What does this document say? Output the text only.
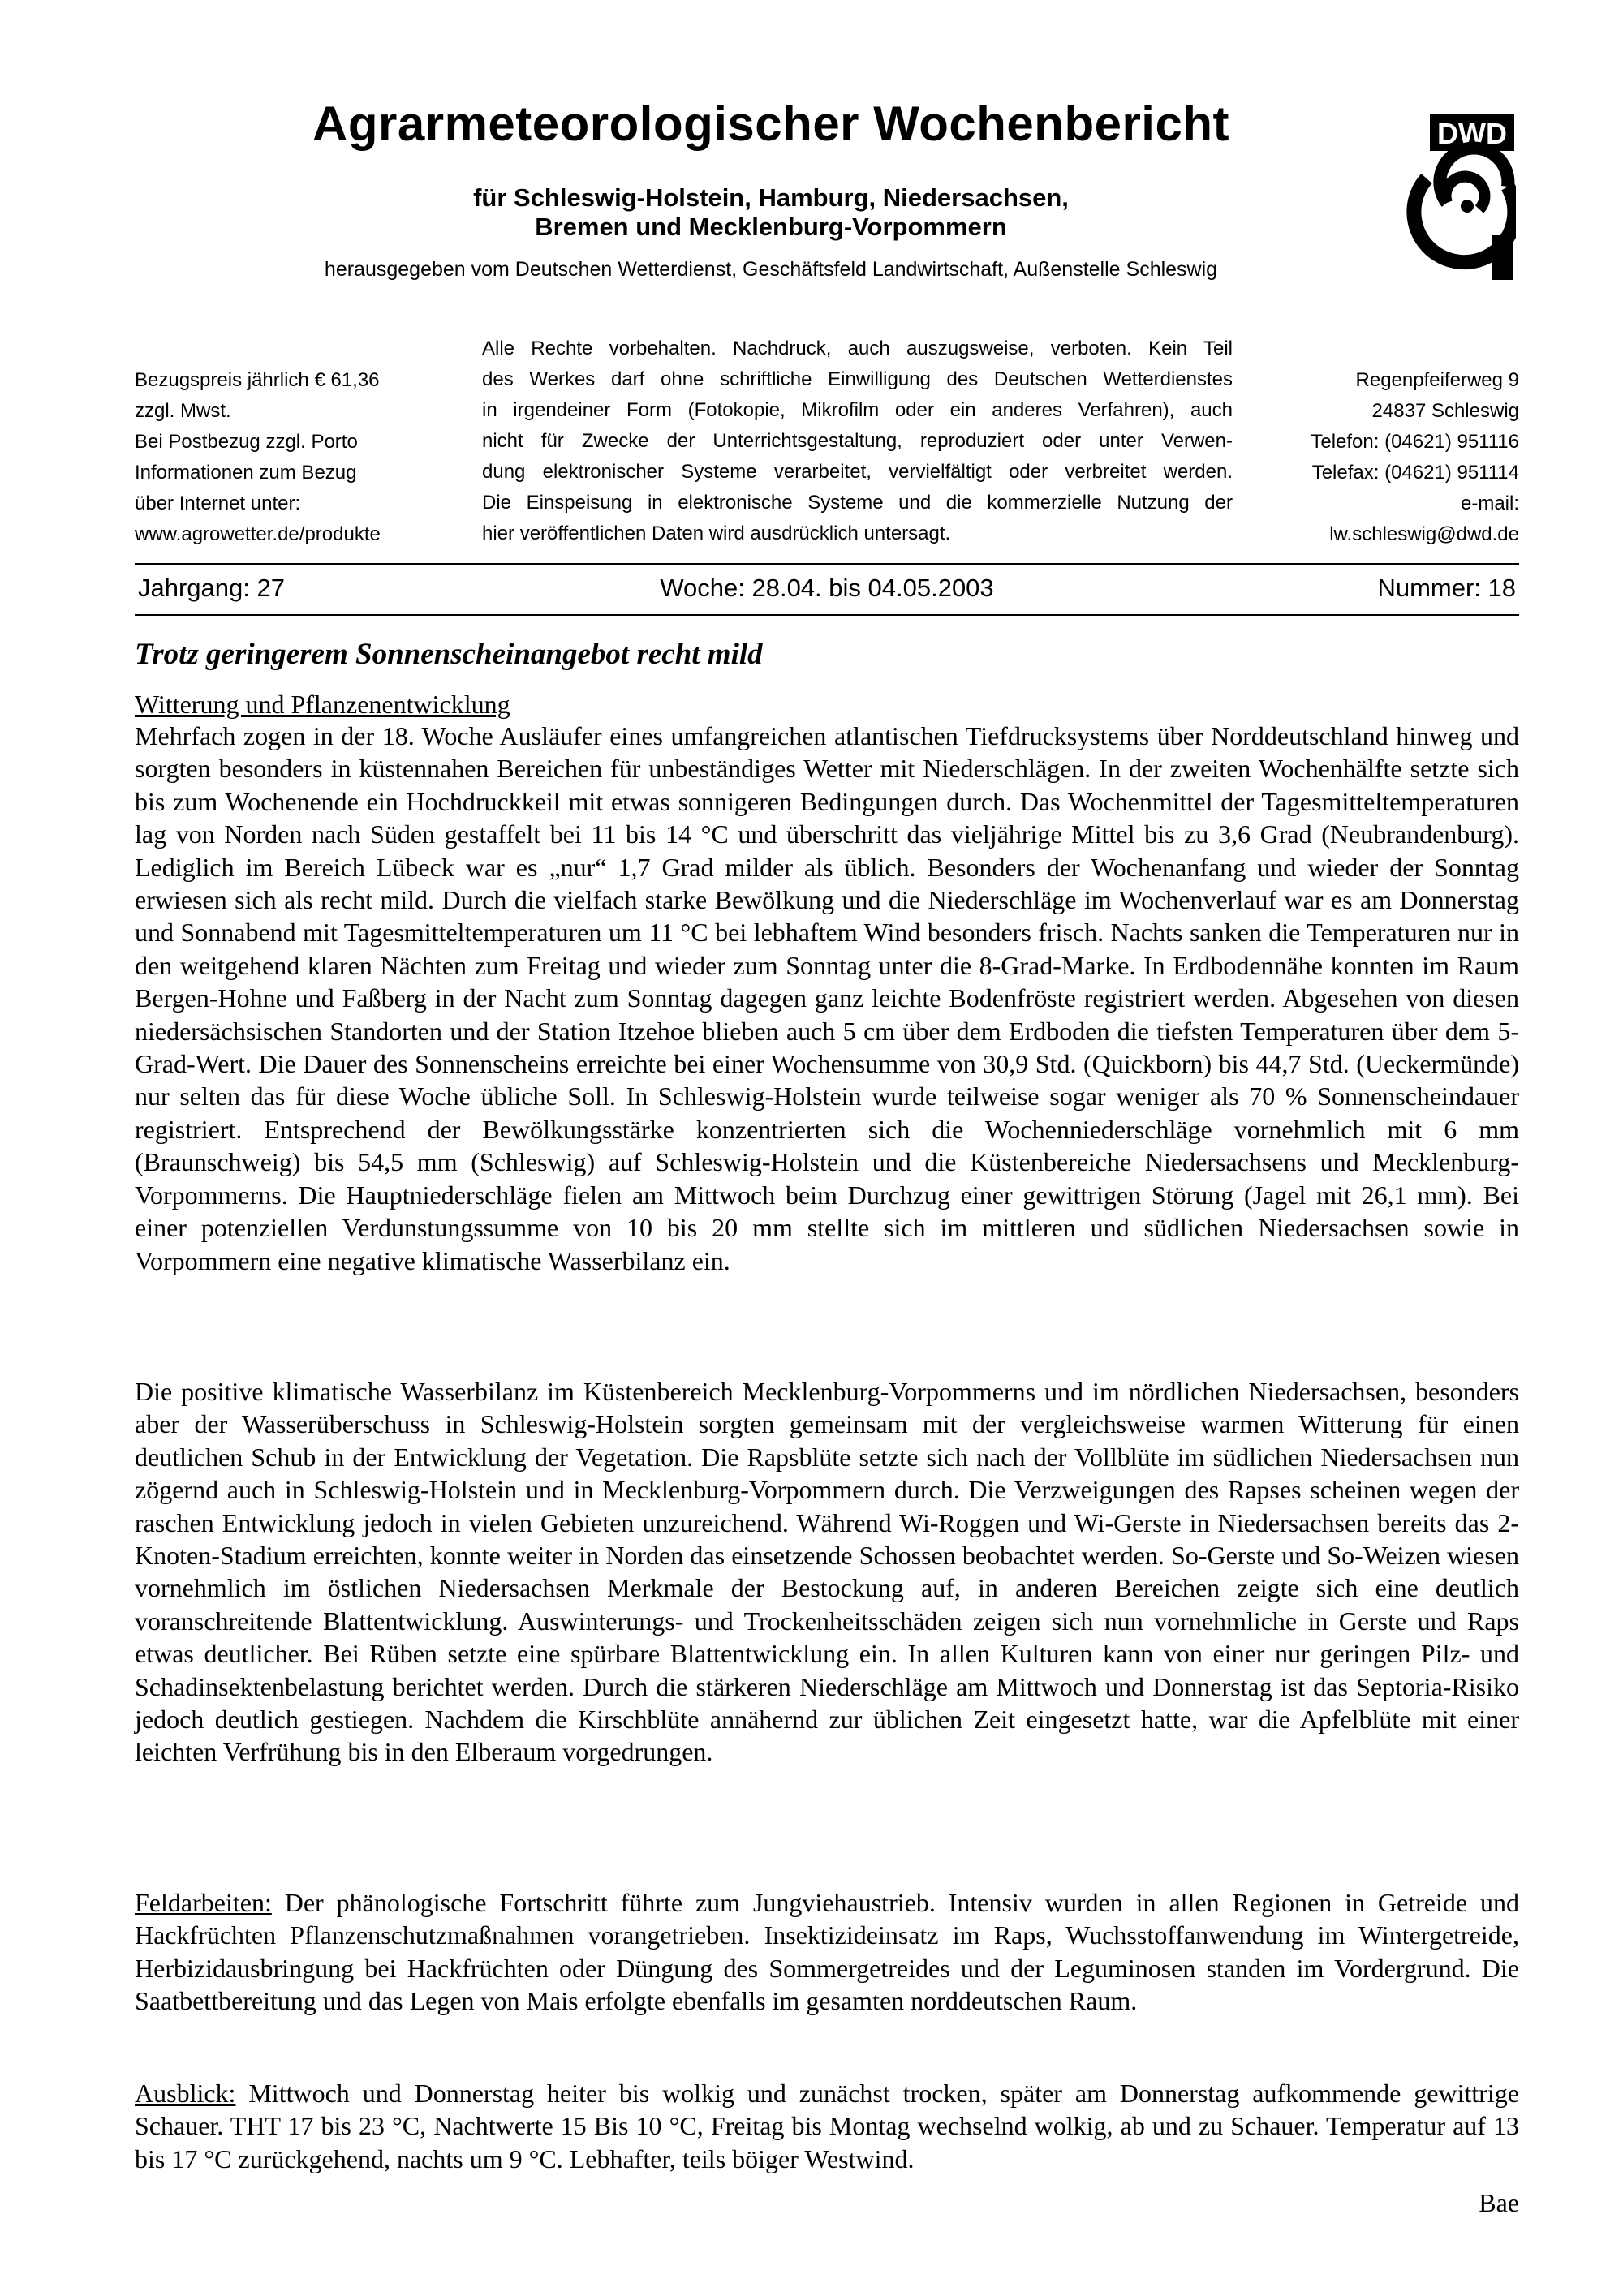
Agrarmeteorologischer Wochenbericht
für Schleswig-Holstein, Hamburg, Niedersachsen,
Bremen und Mecklenburg-Vorpommern
herausgegeben vom Deutschen Wetterdienst, Geschäftsfeld Landwirtschaft, Außenstelle Schleswig
DWD
Bezugspreis jährlich € 61,36
zzgl. Mwst.
Bei Postbezug zzgl. Porto
Informationen zum Bezug
über Internet unter:
www.agrowetter.de/produkte
Alle Rechte vorbehalten. Nachdruck, auch auszugsweise, verboten. Kein Teil
des Werkes darf ohne schriftliche Einwilligung des Deutschen Wetterdienstes
in irgendeiner Form (Fotokopie, Mikrofilm oder ein anderes Verfahren), auch
nicht für Zwecke der Unterrichtsgestaltung, reproduziert oder unter Verwen-
dung elektronischer Systeme verarbeitet, vervielfältigt oder verbreitet werden.
Die Einspeisung in elektronische Systeme und die kommerzielle Nutzung der
hier veröffentlichen Daten wird ausdrücklich untersagt.
Regenpfeiferweg 9
24837 Schleswig
Telefon: (04621) 951116
Telefax: (04621) 951114
e-mail:
lw.schleswig@dwd.de
Woche: 28.04. bis 04.05.2003
Jahrgang: 27	Nummer: 18
Trotz geringerem Sonnenscheinangebot recht mild
Witterung und Pflanzenentwicklung
Mehrfach zogen in der 18. Woche Ausläufer eines umfangreichen atlantischen Tiefdrucksystems über Norddeutschland hinweg und sorgten besonders in küstennahen Bereichen für unbeständiges Wetter mit Niederschlägen. In der zweiten Wochenhälfte setzte sich bis zum Wochenende ein Hochdruckkeil mit etwas sonnigeren Bedingungen durch. Das Wochenmittel der Tagesmitteltemperaturen lag von Norden nach Süden gestaffelt bei 11 bis 14 °C und überschritt das vieljährige Mittel bis zu 3,6 Grad (Neubrandenburg). Lediglich im Bereich Lübeck war es „nur“ 1,7 Grad milder als üblich. Besonders der Wochenanfang und wieder der Sonntag erwiesen sich als recht mild. Durch die vielfach starke Bewölkung und die Niederschläge im Wochenverlauf war es am Donnerstag und Sonnabend mit Tagesmitteltemperaturen um 11 °C bei lebhaftem Wind besonders frisch. Nachts sanken die Temperaturen nur in den weitgehend klaren Nächten zum Freitag und wieder zum Sonntag unter die 8-Grad-Marke. In Erdbodennähe konnten im Raum Bergen-Hohne und Faßberg in der Nacht zum Sonntag dagegen ganz leichte Bodenfröste registriert werden. Abgesehen von diesen niedersächsischen Standorten und der Station Itzehoe blieben auch 5 cm über dem Erdboden die tiefsten Temperaturen über dem 5-Grad-Wert. Die Dauer des Sonnenscheins erreichte bei einer Wochensumme von 30,9 Std. (Quickborn) bis 44,7 Std. (Ueckermünde) nur selten das für diese Woche übliche Soll. In Schleswig-Holstein wurde teilweise sogar weniger als 70 % Sonnenscheindauer registriert. Entsprechend der Bewölkungsstärke konzentrierten sich die Wochenniederschläge vornehmlich mit 6 mm (Braunschweig) bis 54,5 mm (Schleswig) auf Schleswig-Holstein und die Küstenbereiche Niedersachsens und Mecklenburg-Vorpommerns. Die Hauptniederschläge fielen am Mittwoch beim Durchzug einer gewittrigen Störung (Jagel mit 26,1 mm). Bei einer potenziellen Verdunstungssumme von 10 bis 20 mm stellte sich im mittleren und südlichen Niedersachsen sowie in Vorpommern eine negative klimatische Wasserbilanz ein.
Die positive klimatische Wasserbilanz im Küstenbereich Mecklenburg-Vorpommerns und im nördlichen Niedersachsen, besonders aber der Wasserüberschuss in Schleswig-Holstein sorgten gemeinsam mit der vergleichsweise warmen Witterung für einen deutlichen Schub in der Entwicklung der Vegetation. Die Rapsblüte setzte sich nach der Vollblüte im südlichen Niedersachsen nun zögernd auch in Schleswig-Holstein und in Mecklenburg-Vorpommern durch. Die Verzweigungen des Rapses scheinen wegen der raschen Entwicklung jedoch in vielen Gebieten unzureichend. Während Wi-Roggen und Wi-Gerste in Niedersachsen bereits das 2-Knoten-Stadium erreichten, konnte weiter in Norden das einsetzende Schossen beobachtet werden. So-Gerste und So-Weizen wiesen vornehmlich im östlichen Niedersachsen Merkmale der Bestockung auf, in anderen Bereichen zeigte sich eine deutlich voranschreitende Blattentwicklung. Auswinterungs- und Trockenheitsschäden zeigen sich nun vornehmliche in Gerste und Raps etwas deutlicher. Bei Rüben setzte eine spürbare Blattentwicklung ein. In allen Kulturen kann von einer nur geringen Pilz- und Schadinsektenbelastung berichtet werden. Durch die stärkeren Niederschläge am Mittwoch und Donnerstag ist das Septoria-Risiko jedoch deutlich gestiegen. Nachdem die Kirschblüte annähernd zur üblichen Zeit eingesetzt hatte, war die Apfelblüte mit einer leichten Verfrühung bis in den Elberaum vorgedrungen.
Feldarbeiten: Der phänologische Fortschritt führte zum Jungviehaustrieb. Intensiv wurden in allen Regionen in Getreide und Hackfrüchten Pflanzenschutzmaßnahmen vorangetrieben. Insektizideinsatz im Raps, Wuchsstoffanwendung im Wintergetreide, Herbizidausbringung bei Hackfrüchten oder Düngung des Sommergetreides und der Leguminosen standen im Vordergrund. Die Saatbettbereitung und das Legen von Mais erfolgte ebenfalls im gesamten norddeutschen Raum.
Ausblick: Mittwoch und Donnerstag heiter bis wolkig und zunächst trocken, später am Donnerstag aufkommende gewittrige Schauer. THT 17 bis 23 °C, Nachtwerte 15 Bis 10 °C, Freitag bis Montag wechselnd wolkig, ab und zu Schauer. Temperatur auf 13 bis 17 °C zurückgehend, nachts um 9 °C. Lebhafter, teils böiger Westwind.
Bae
